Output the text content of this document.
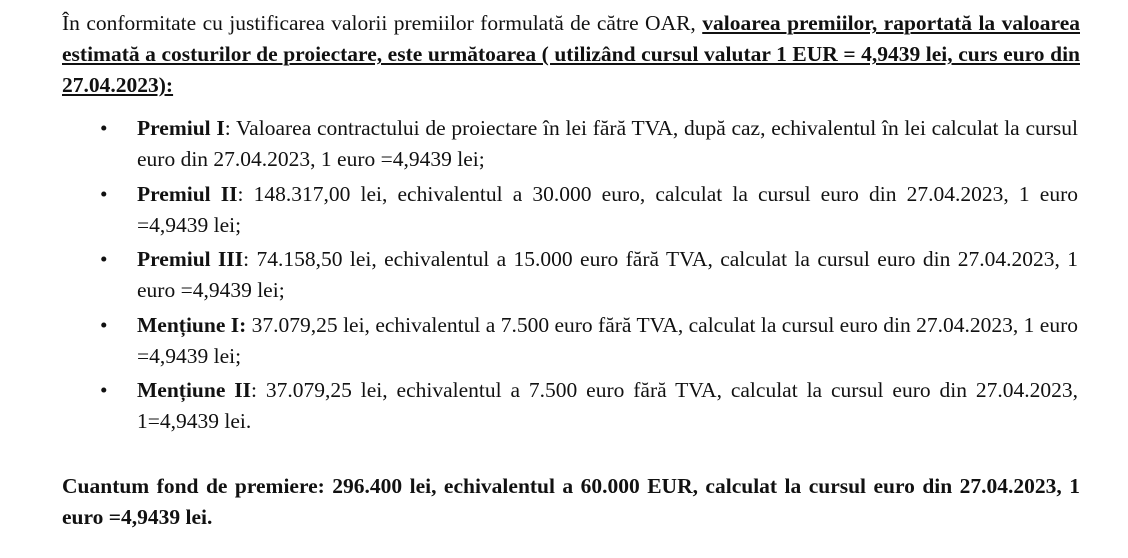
În conformitate cu justificarea valorii premiilor formulată de către OAR, valoarea premiilor, raportată la valoarea estimată a costurilor de proiectare, este următoarea ( utilizând cursul valutar 1 EUR = 4,9439 lei, curs euro din 27.04.2023):

• Premiul I: Valoarea contractului de proiectare în lei fără TVA, după caz, echivalentul în lei calculat la cursul euro din 27.04.2023, 1 euro =4,9439 lei;

• Premiul II: 148.317,00 lei, echivalentul a 30.000 euro, calculat la cursul euro din 27.04.2023, 1 euro =4,9439 lei;

• Premiul III: 74.158,50 lei, echivalentul a 15.000 euro fără TVA, calculat la cursul euro din 27.04.2023, 1 euro =4,9439 lei;

• Mențiune I: 37.079,25 lei, echivalentul a 7.500 euro fără TVA, calculat la cursul euro din 27.04.2023, 1 euro =4,9439 lei;

• Mențiune II: 37.079,25 lei, echivalentul a 7.500 euro fără TVA, calculat la cursul euro din 27.04.2023, 1=4,9439 lei.

Cuantum fond de premiere: 296.400 lei, echivalentul a 60.000 EUR, calculat la cursul euro din 27.04.2023, 1 euro =4,9439 lei.
